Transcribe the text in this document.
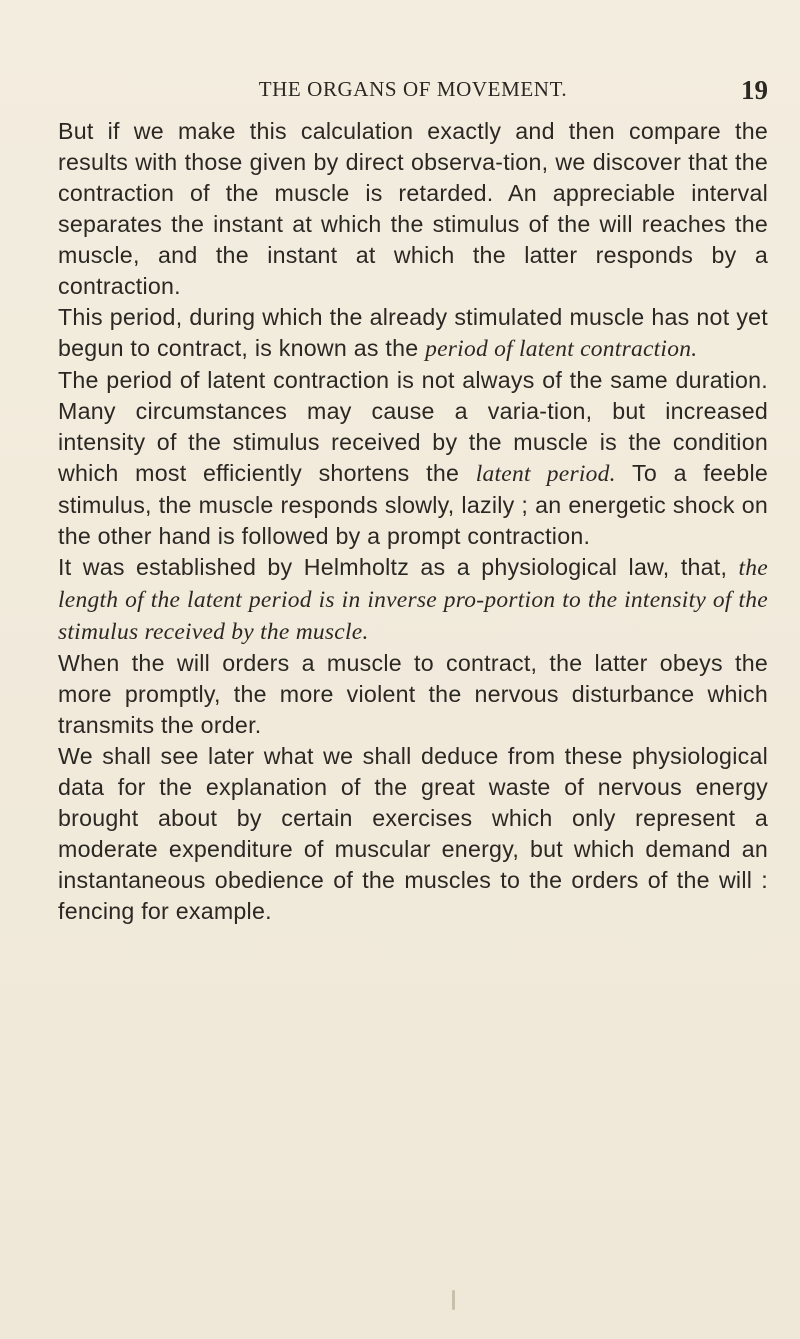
THE ORGANS OF MOVEMENT.	19

But if we make this calculation exactly and then compare the results with those given by direct observa-tion, we discover that the contraction of the muscle is retarded. An appreciable interval separates the instant at which the stimulus of the will reaches the muscle, and the instant at which the latter responds by a contraction.

This period, during which the already stimulated muscle has not yet begun to contract, is known as the period of latent contraction.

The period of latent contraction is not always of the same duration. Many circumstances may cause a varia-tion, but increased intensity of the stimulus received by the muscle is the condition which most efficiently shortens the latent period. To a feeble stimulus, the muscle responds slowly, lazily ; an energetic shock on the other hand is followed by a prompt contraction.

It was established by Helmholtz as a physiological law, that, the length of the latent period is in inverse pro-portion to the intensity of the stimulus received by the muscle.

When the will orders a muscle to contract, the latter obeys the more promptly, the more violent the nervous disturbance which transmits the order.

We shall see later what we shall deduce from these physiological data for the explanation of the great waste of nervous energy brought about by certain exercises which only represent a moderate expenditure of muscular energy, but which demand an instantaneous obedience of the muscles to the orders of the will : fencing for example.
